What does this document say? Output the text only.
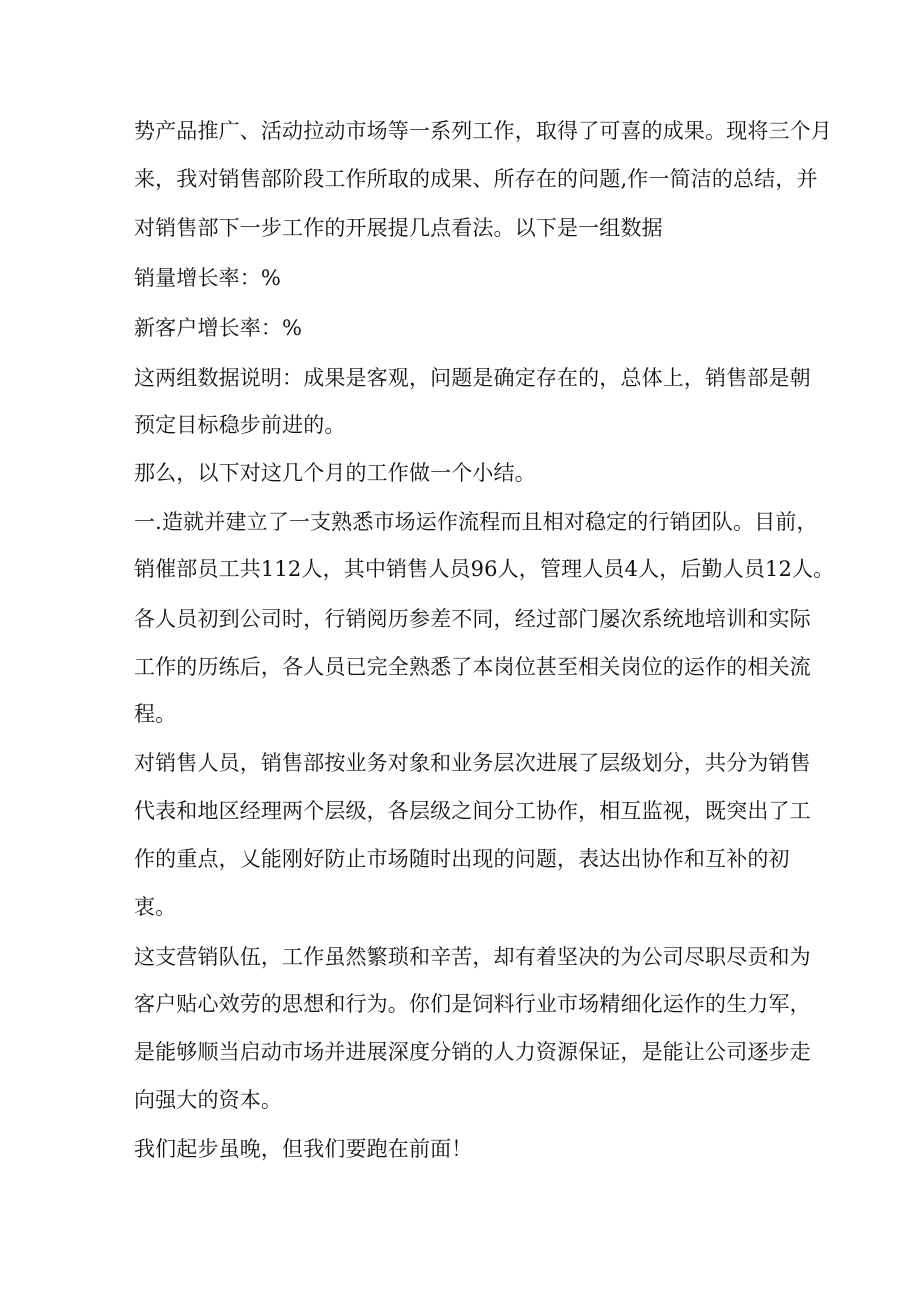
势产品推广、活动拉动市场等一系列工作，取得了可喜的成果。现将三个月

来，我对销售部阶段工作所取的成果、所存在的问题,作一简洁的总结，并

对销售部下一步工作的开展提几点看法。以下是一组数据

销量增长率：%

新客户增长率：%

这两组数据说明：成果是客观，问题是确定存在的，总体上，销售部是朝

预定目标稳步前进的。

那么，以下对这几个月的工作做一个小结。

一.造就并建立了一支熟悉市场运作流程而且相对稳定的行销团队。目前，

销催部员工共112人，其中销售人员96人，管理人员4人，后勤人员12人。

各人员初到公司时，行销阅历参差不同，经过部门屡次系统地培训和实际

工作的历练后，各人员已完全熟悉了本岗位甚至相关岗位的运作的相关流

程。

对销售人员，销售部按业务对象和业务层次进展了层级划分，共分为销售

代表和地区经理两个层级，各层级之间分工协作，相互监视，既突出了工

作的重点，乂能刚好防止市场随时出现的问题，表达出协作和互补的初

衷。

这支营销队伍，工作虽然繁琐和辛苦，却有着坚决的为公司尽职尽贡和为

客户贴心效劳的思想和行为。你们是饲料行业市场精细化运作的生力军，

是能够顺当启动市场并进展深度分销的人力资源保证，是能让公司逐步走

向强大的资本。

我们起步虽晚，但我们要跑在前面！
